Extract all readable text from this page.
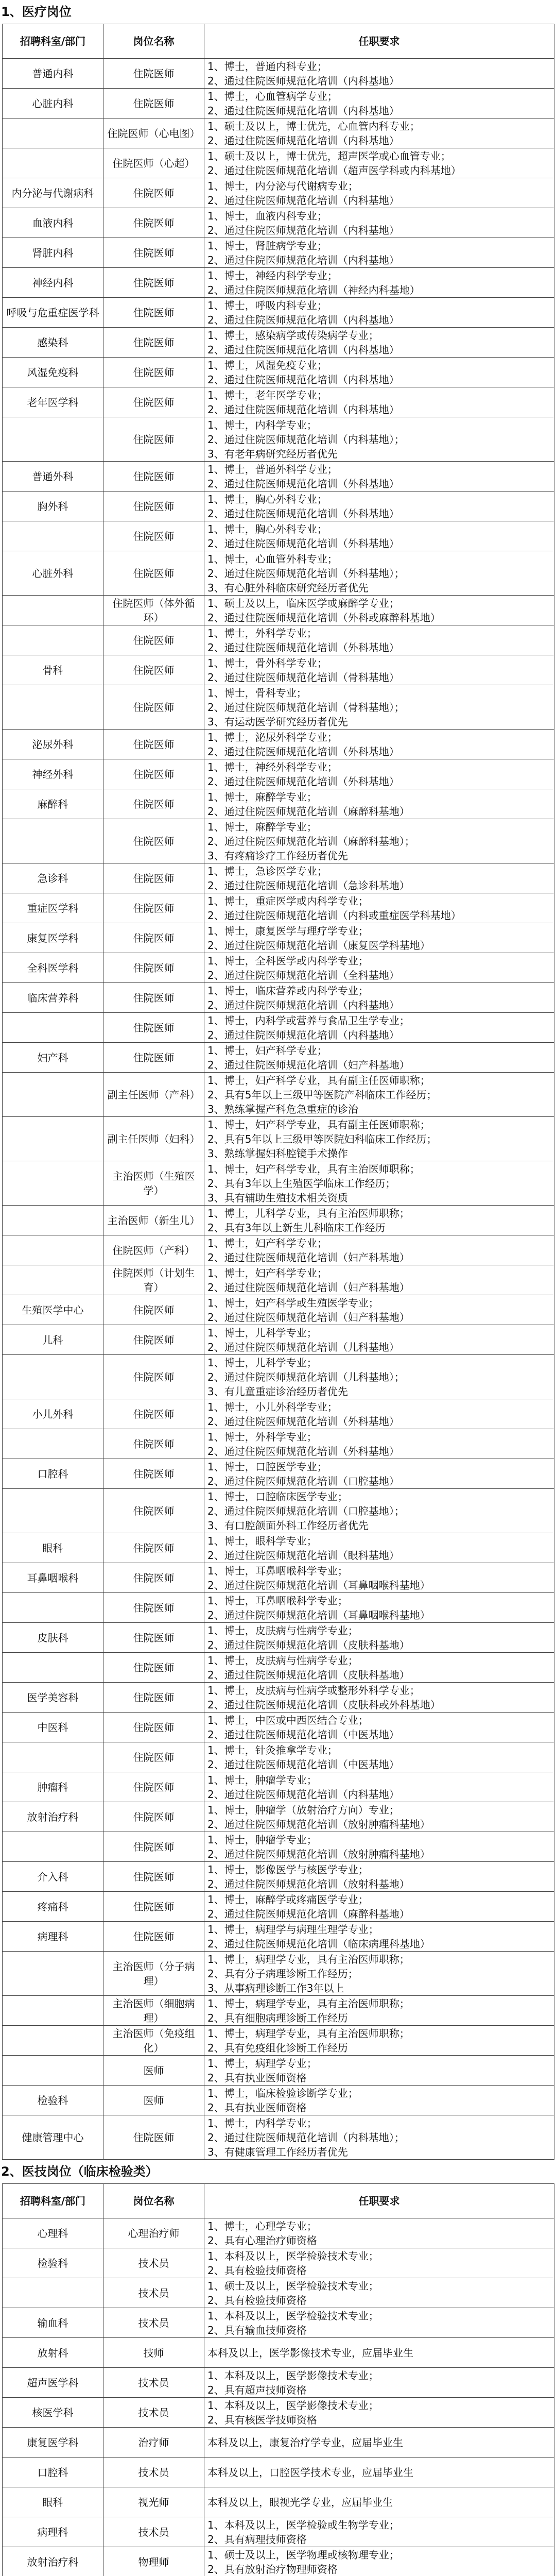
1、医疗岗位
招聘科室/部门	岗位名称	任职要求
普通内科	住院医师	1、博士，普通内科专业；
2、通过住院医师规范化培训（内科基地）

心脏内科	住院医师	1、博士，心血管病学专业；
2、通过住院医师规范化培训（内科基地）

	住院医师（心电图）	1、硕士及以上，博士优先，心血管内科专业；
2、通过住院医师规范化培训（内科基地）

	住院医师（心超）	1、硕士及以上，博士优先，超声医学或心血管专业；
2、通过住院医师规范化培训（超声医学科或内科基地）

内分泌与代谢病科	住院医师	1、博士，内分泌与代谢病专业；
2、通过住院医师规范化培训（内科基地）

血液内科	住院医师	1、博士，血液内科专业；
2、通过住院医师规范化培训（内科基地）

肾脏内科	住院医师	1、博士，肾脏病学专业；
2、通过住院医师规范化培训（内科基地）

神经内科	住院医师	1、博士，神经内科学专业；
2、通过住院医师规范化培训（神经内科基地）

呼吸与危重症医学科	住院医师	1、博士，呼吸内科专业；
2、通过住院医师规范化培训（内科基地）

感染科	住院医师	1、博士，感染病学或传染病学专业；
2、通过住院医师规范化培训（内科基地）

风湿免疫科	住院医师	1、博士，风湿免疫专业；
2、通过住院医师规范化培训（内科基地）

老年医学科	住院医师	1、博士，老年医学专业；
2、通过住院医师规范化培训（内科基地）

	住院医师	1、博士，内科学专业；
2、通过住院医师规范化培训（内科基地）；
3、有老年病研究经历者优先

普通外科	住院医师	1、博士，普通外科学专业；
2、通过住院医师规范化培训（外科基地）

胸外科	住院医师	1、博士，胸心外科专业；
2、通过住院医师规范化培训（外科基地）

	住院医师	1、博士，胸心外科专业；
2、通过住院医师规范化培训（外科基地）

心脏外科	住院医师	1、博士，心血管外科专业；
2、通过住院医师规范化培训（外科基地）；
3、有心脏外科临床研究经历者优先

	住院医师（体外循环）	1、硕士及以上，临床医学或麻醉学专业；
2、通过住院医师规范化培训（外科或麻醉科基地）

	住院医师	1、博士，外科学专业；
2、通过住院医师规范化培训（外科基地）

骨科	住院医师	1、博士，骨外科学专业；
2、通过住院医师规范化培训（骨科基地）

	住院医师	1、博士，骨科专业；
2、通过住院医师规范化培训（骨科基地）；
3、有运动医学研究经历者优先

泌尿外科	住院医师	1、博士，泌尿外科学专业；
2、通过住院医师规范化培训（外科基地）

神经外科	住院医师	1、博士，神经外科学专业；
2、通过住院医师规范化培训（外科基地）

麻醉科	住院医师	1、博士，麻醉学专业；
2、通过住院医师规范化培训（麻醉科基地）

	住院医师	1、博士，麻醉学专业；
2、通过住院医师规范化培训（麻醉科基地）；
3、有疼痛诊疗工作经历者优先

急诊科	住院医师	1、博士，急诊医学专业；
2、通过住院医师规范化培训（急诊科基地）

重症医学科	住院医师	1、博士，重症医学或内科学专业；
2、通过住院医师规范化培训（内科或重症医学科基地）

康复医学科	住院医师	1、博士，康复医学与理疗学专业；
2、通过住院医师规范化培训（康复医学科基地）

全科医学科	住院医师	1、博士，全科医学或内科学专业；
2、通过住院医师规范化培训（全科基地）

临床营养科	住院医师	1、博士，临床营养或内科学专业；
2、通过住院医师规范化培训（内科基地）

	住院医师	1、博士，内科学或营养与食品卫生学专业；
2、通过住院医师规范化培训（内科基地）

妇产科	住院医师	1、博士，妇产科学专业；
2、通过住院医师规范化培训（妇产科基地）

	副主任医师（产科）	1、博士，妇产科学专业，具有副主任医师职称；
2、具有5年以上三级甲等医院产科临床工作经历；
3、熟练掌握产科危急重症的诊治

	副主任医师（妇科）	1、博士，妇产科学专业，具有副主任医师职称；
2、具有5年以上三级甲等医院妇科临床工作经历；
3、熟练掌握妇科腔镜手术操作

	主治医师（生殖医学）	1、博士，妇产科学专业，具有主治医师职称；
2、具有3年以上生殖医学临床工作经历；
3、具有辅助生殖技术相关资质

	主治医师（新生儿）	1、博士，儿科学专业，具有主治医师职称；
2、具有3年以上新生儿科临床工作经历

	住院医师（产科）	1、博士，妇产科学专业；
2、通过住院医师规范化培训（妇产科基地）

	住院医师（计划生育）	1、博士，妇产科学专业；
2、通过住院医师规范化培训（妇产科基地）

生殖医学中心	住院医师	1、博士，妇产科学或生殖医学专业；
2、通过住院医师规范化培训（妇产科基地）

儿科	住院医师	1、博士，儿科学专业；
2、通过住院医师规范化培训（儿科基地）

	住院医师	1、博士，儿科学专业；
2、通过住院医师规范化培训（儿科基地）；
3、有儿童重症诊治经历者优先

小儿外科	住院医师	1、博士，小儿外科学专业；
2、通过住院医师规范化培训（外科基地）

	住院医师	1、博士，外科学专业；
2、通过住院医师规范化培训（外科基地）

口腔科	住院医师	1、博士，口腔医学专业；
2、通过住院医师规范化培训（口腔基地）

	住院医师	1、博士，口腔临床医学专业；
2、通过住院医师规范化培训（口腔基地）；
3、有口腔颌面外科工作经历者优先

眼科	住院医师	1、博士，眼科学专业；
2、通过住院医师规范化培训（眼科基地）

耳鼻咽喉科	住院医师	1、博士，耳鼻咽喉科学专业；
2、通过住院医师规范化培训（耳鼻咽喉科基地）

	住院医师	1、博士，耳鼻咽喉科学专业；
2、通过住院医师规范化培训（耳鼻咽喉科基地）

皮肤科	住院医师	1、博士，皮肤病与性病学专业；
2、通过住院医师规范化培训（皮肤科基地）

	住院医师	1、博士，皮肤病与性病学专业；
2、通过住院医师规范化培训（皮肤科基地）

医学美容科	住院医师	1、博士，皮肤病与性病学或整形外科学专业；
2、通过住院医师规范化培训（皮肤科或外科基地）

中医科	住院医师	1、博士，中医或中西医结合专业；
2、通过住院医师规范化培训（中医基地）

	住院医师	1、博士，针灸推拿学专业；
2、通过住院医师规范化培训（中医基地）

肿瘤科	住院医师	1、博士，肿瘤学专业；
2、通过住院医师规范化培训（内科基地）

放射治疗科	住院医师	1、博士，肿瘤学（放射治疗方向）专业；
2、通过住院医师规范化培训（放射肿瘤科基地）

	住院医师	1、博士，肿瘤学专业；
2、通过住院医师规范化培训（放射肿瘤科基地）

介入科	住院医师	1、博士，影像医学与核医学专业；
2、通过住院医师规范化培训（放射科基地）

疼痛科	住院医师	1、博士，麻醉学或疼痛医学专业；
2、通过住院医师规范化培训（麻醉科基地）

病理科	住院医师	1、博士，病理学与病理生理学专业；
2、通过住院医师规范化培训（临床病理科基地）

	主治医师（分子病理）	1、博士，病理学专业，具有主治医师职称；
2、具有分子病理诊断工作经历；
3、从事病理诊断工作3年以上

	主治医师（细胞病理）	1、博士，病理学专业，具有主治医师职称；
2、具有细胞病理诊断工作经历

	主治医师（免疫组化）	1、博士，病理学专业，具有主治医师职称；
2、具有免疫组化诊断工作经历

	医师	1、博士，病理学专业；
2、具有执业医师资格

检验科	医师	1、博士，临床检验诊断学专业；
2、具有执业医师资格

健康管理中心	住院医师	1、博士，内科学专业；
2、通过住院医师规范化培训（内科基地）；
3、有健康管理工作经历者优先
2、医技岗位（临床检验类）
招聘科室/部门	岗位名称	任职要求
心理科	心理治疗师	1、博士，心理学专业；
2、具有心理治疗师资格

检验科	技术员	1、本科及以上，医学检验技术专业；
2、具有检验技师资格

	技术员	1、硕士及以上，医学检验技术专业；
2、具有检验技师资格

输血科	技术员	1、本科及以上，医学检验技术专业；
2、具有输血技师资格

放射科	技师	本科及以上，医学影像技术专业，应届毕业生

超声医学科	技术员	1、本科及以上，医学影像技术专业；
2、具有超声技师资格

核医学科	技术员	1、本科及以上，医学影像技术专业；
2、具有核医学技师资格

康复医学科	治疗师	本科及以上，康复治疗学专业，应届毕业生

口腔科	技术员	本科及以上，口腔医学技术专业，应届毕业生

眼科	视光师	本科及以上，眼视光学专业，应届毕业生

病理科	技术员	1、本科及以上，医学检验或生物学专业；
2、具有病理技师资格

放射治疗科	物理师	1、硕士及以上，医学物理或核物理专业；
2、具有放射治疗物理师资格
